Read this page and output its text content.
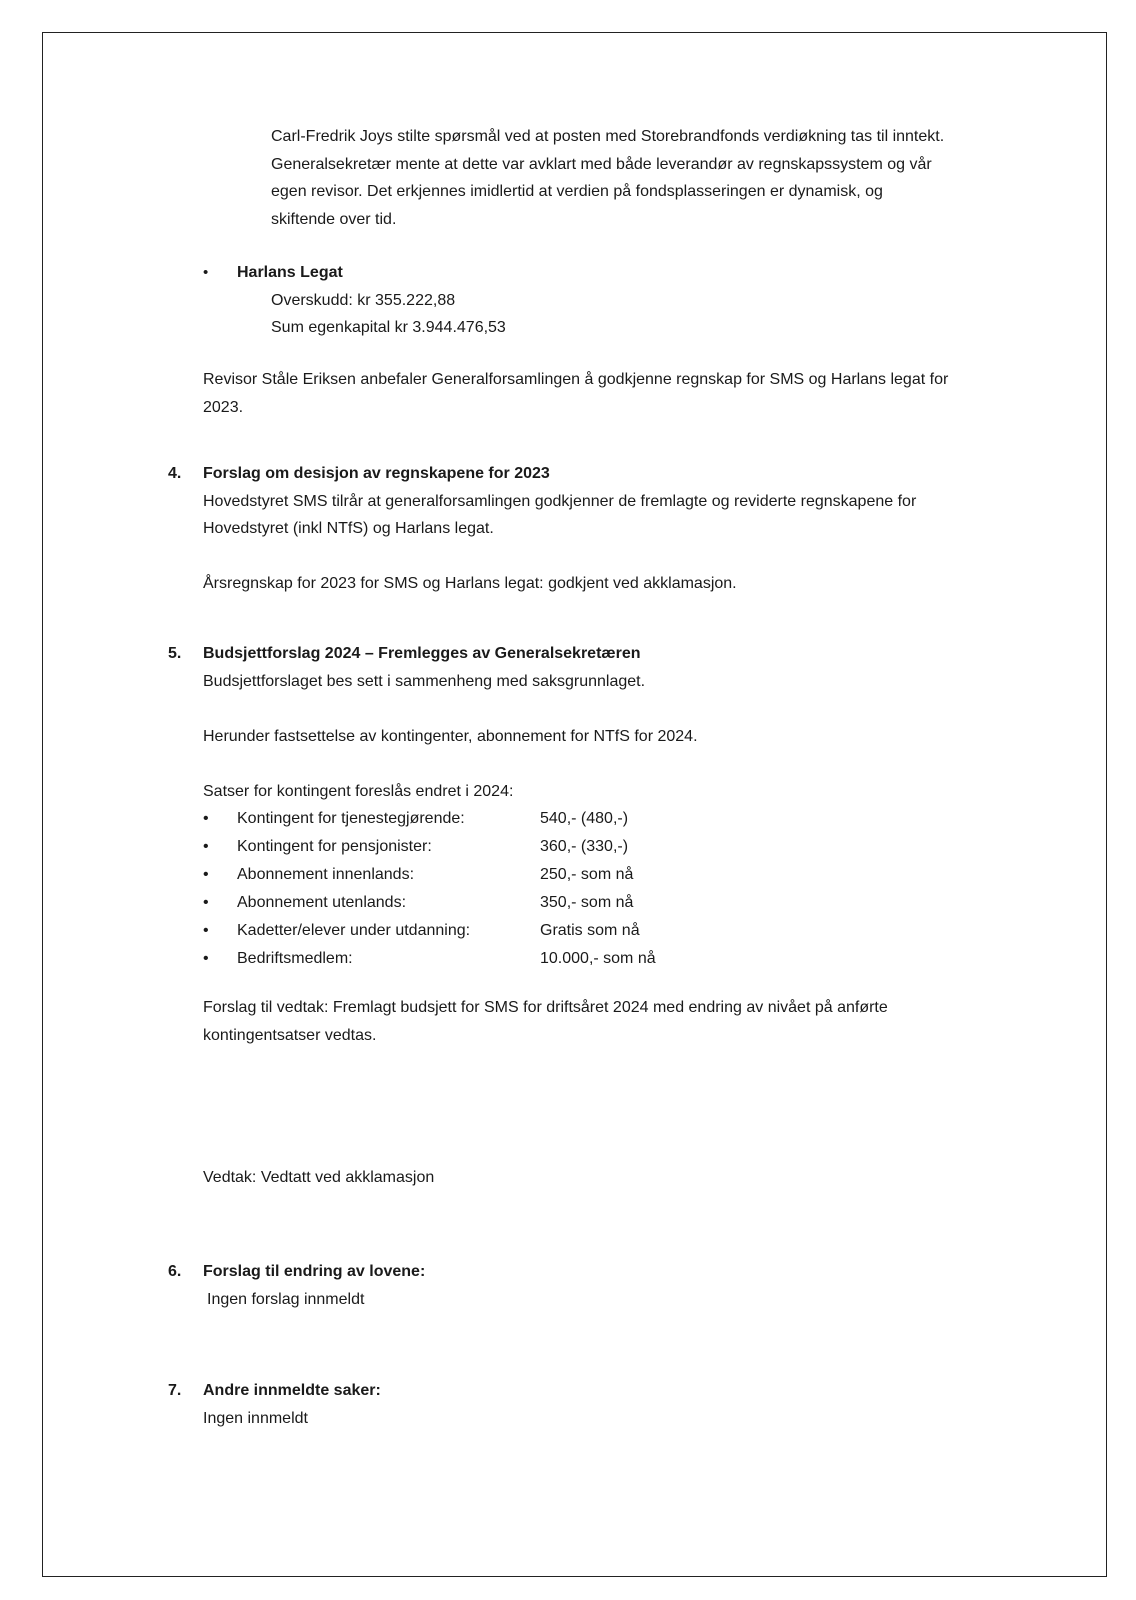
Carl-Fredrik Joys stilte spørsmål ved at posten med Storebrandfonds verdiøkning tas til inntekt.
Generalsekretær mente at dette var avklart med både leverandør av regnskapssystem og vår
egen revisor. Det erkjennes imidlertid at verdien på fondsplasseringen er dynamisk, og
skiftende over tid.
• Harlans Legat
Overskudd: kr 355.222,88
Sum egenkapital kr 3.944.476,53
Revisor Ståle Eriksen anbefaler Generalforsamlingen å godkjenne regnskap for SMS og Harlans legat for
2023.
4. Forslag om desisjon av regnskapene for 2023
Hovedstyret SMS tilrår at generalforsamlingen godkjenner de fremlagte og reviderte regnskapene for
Hovedstyret (inkl NTfS) og Harlans legat.
Årsregnskap for 2023 for SMS og Harlans legat: godkjent ved akklamasjon.
5. Budsjettforslag 2024 – Fremlegges av Generalsekretæren
Budsjettforslaget bes sett i sammenheng med saksgrunnlaget.
Herunder fastsettelse av kontingenter, abonnement for NTfS for 2024.
Satser for kontingent foreslås endret i 2024:
• Kontingent for tjenestegjørende:	540,- (480,-)
• Kontingent for pensjonister:	360,- (330,-)
• Abonnement innenlands:	250,- som nå
• Abonnement utenlands:	350,- som nå
• Kadetter/elever under utdanning:	Gratis som nå
• Bedriftsmedlem:	10.000,- som nå
Forslag til vedtak: Fremlagt budsjett for SMS for driftsåret 2024 med endring av nivået på anførte
kontingentsatser vedtas.
Vedtak: Vedtatt ved akklamasjon
6. Forslag til endring av lovene:
Ingen forslag innmeldt
7. Andre innmeldte saker:
Ingen innmeldt
